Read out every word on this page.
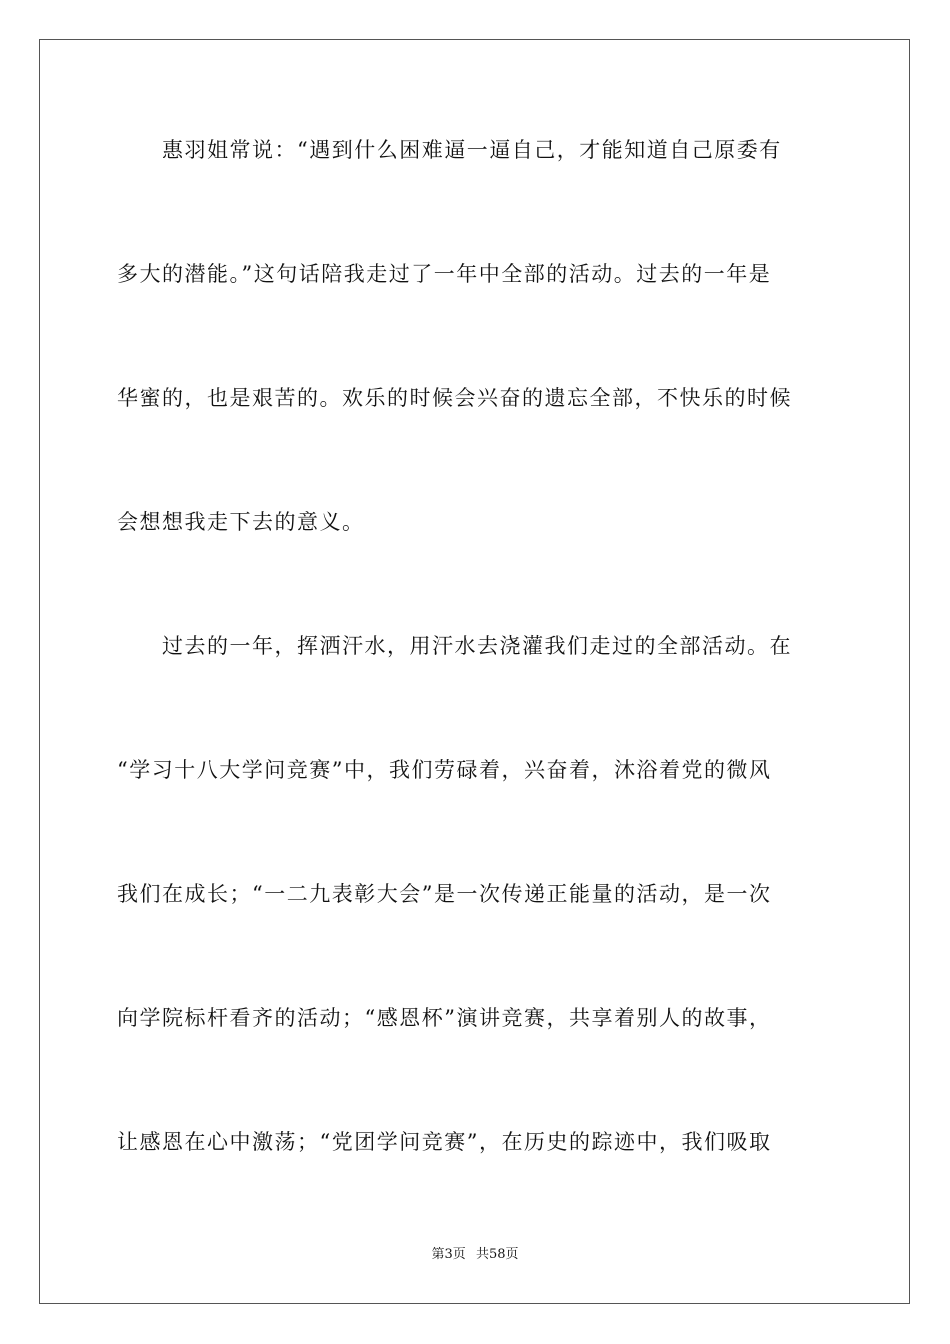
　　惠羽姐常说：“遇到什么困难逼一逼自己，才能知道自己原委有
多大的潜能。”这句话陪我走过了一年中全部的活动。过去的一年是
华蜜的，也是艰苦的。欢乐的时候会兴奋的遗忘全部，不快乐的时候
会想想我走下去的意义。
　　过去的一年，挥洒汗水，用汗水去浇灌我们走过的全部活动。在
“学习十八大学问竞赛”中，我们劳碌着，兴奋着，沐浴着党的微风
我们在成长；“一二九表彰大会”是一次传递正能量的活动，是一次
向学院标杆看齐的活动；“感恩杯”演讲竞赛，共享着别人的故事，
让感恩在心中激荡；“党团学问竞赛”，在历史的踪迹中，我们吸取
第3页 共58页
